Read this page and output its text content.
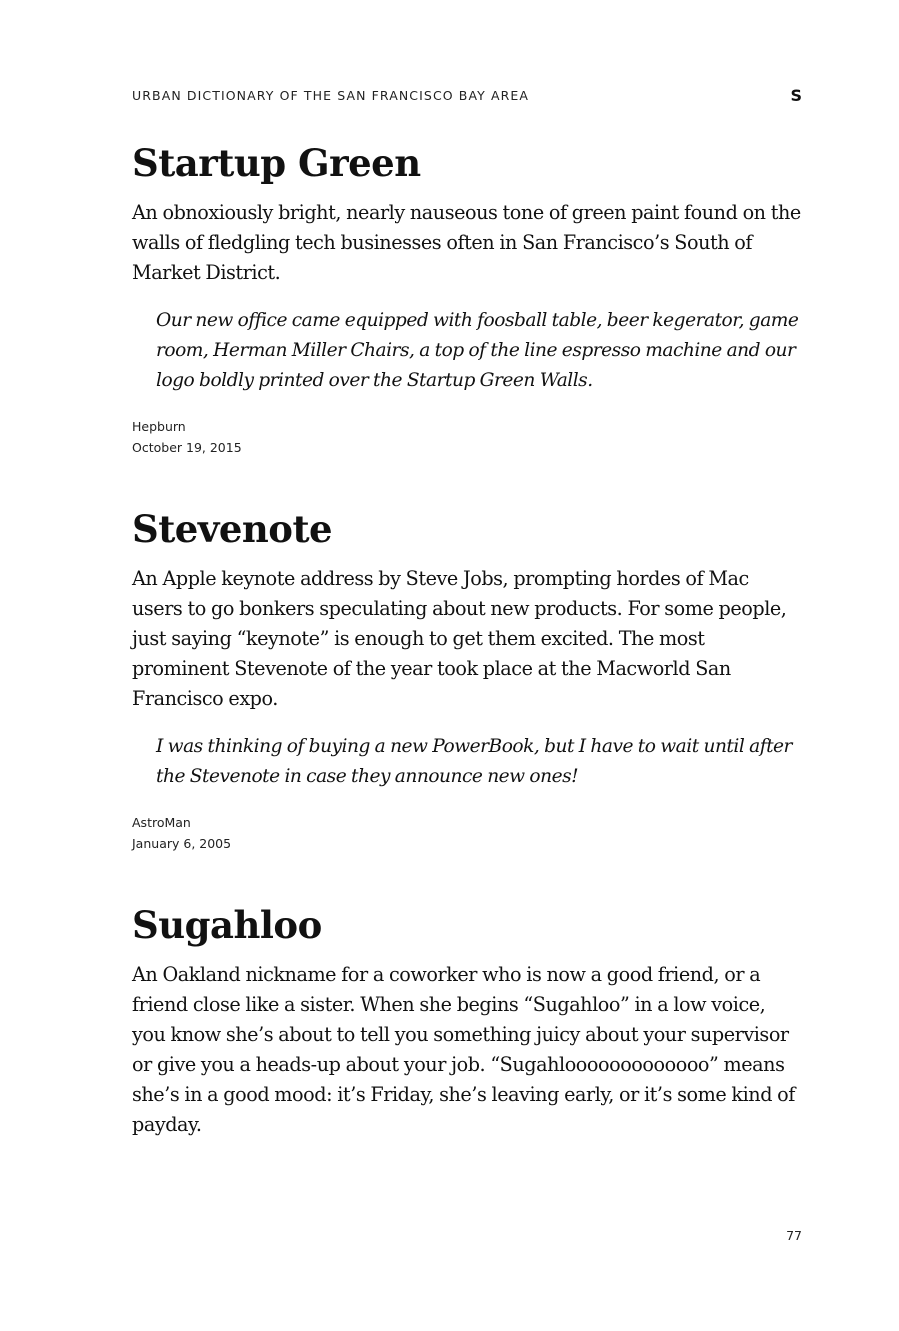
URBAN DICTIONARY OF THE SAN FRANCISCO BAY AREA	S
Startup Green

An obnoxiously bright, nearly nauseous tone of green paint found on the walls of fledgling tech businesses often in San Francisco’s South of Market District.

Our new office came equipped with foosball table, beer kegerator, game room, Herman Miller Chairs, a top of the line espresso machine and our logo boldly printed over the Startup Green Walls.

Hepburn
October 19, 2015
Stevenote

An Apple keynote address by Steve Jobs, prompting hordes of Mac users to go bonkers speculating about new products. For some people, just saying “keynote” is enough to get them excited. The most prominent Stevenote of the year took place at the Macworld San Francisco expo.

I was thinking of buying a new PowerBook, but I have to wait until after the Stevenote in case they announce new ones!

AstroMan
January 6, 2005
Sugahloo

An Oakland nickname for a coworker who is now a good friend, or a friend close like a sister. When she begins “Sugahloo” in a low voice, you know she’s about to tell you something juicy about your supervisor or give you a heads-up about your job. “Sugahlooooooooooooo” means she’s in a good mood: it’s Friday, she’s leaving early, or it’s some kind of payday.

77
